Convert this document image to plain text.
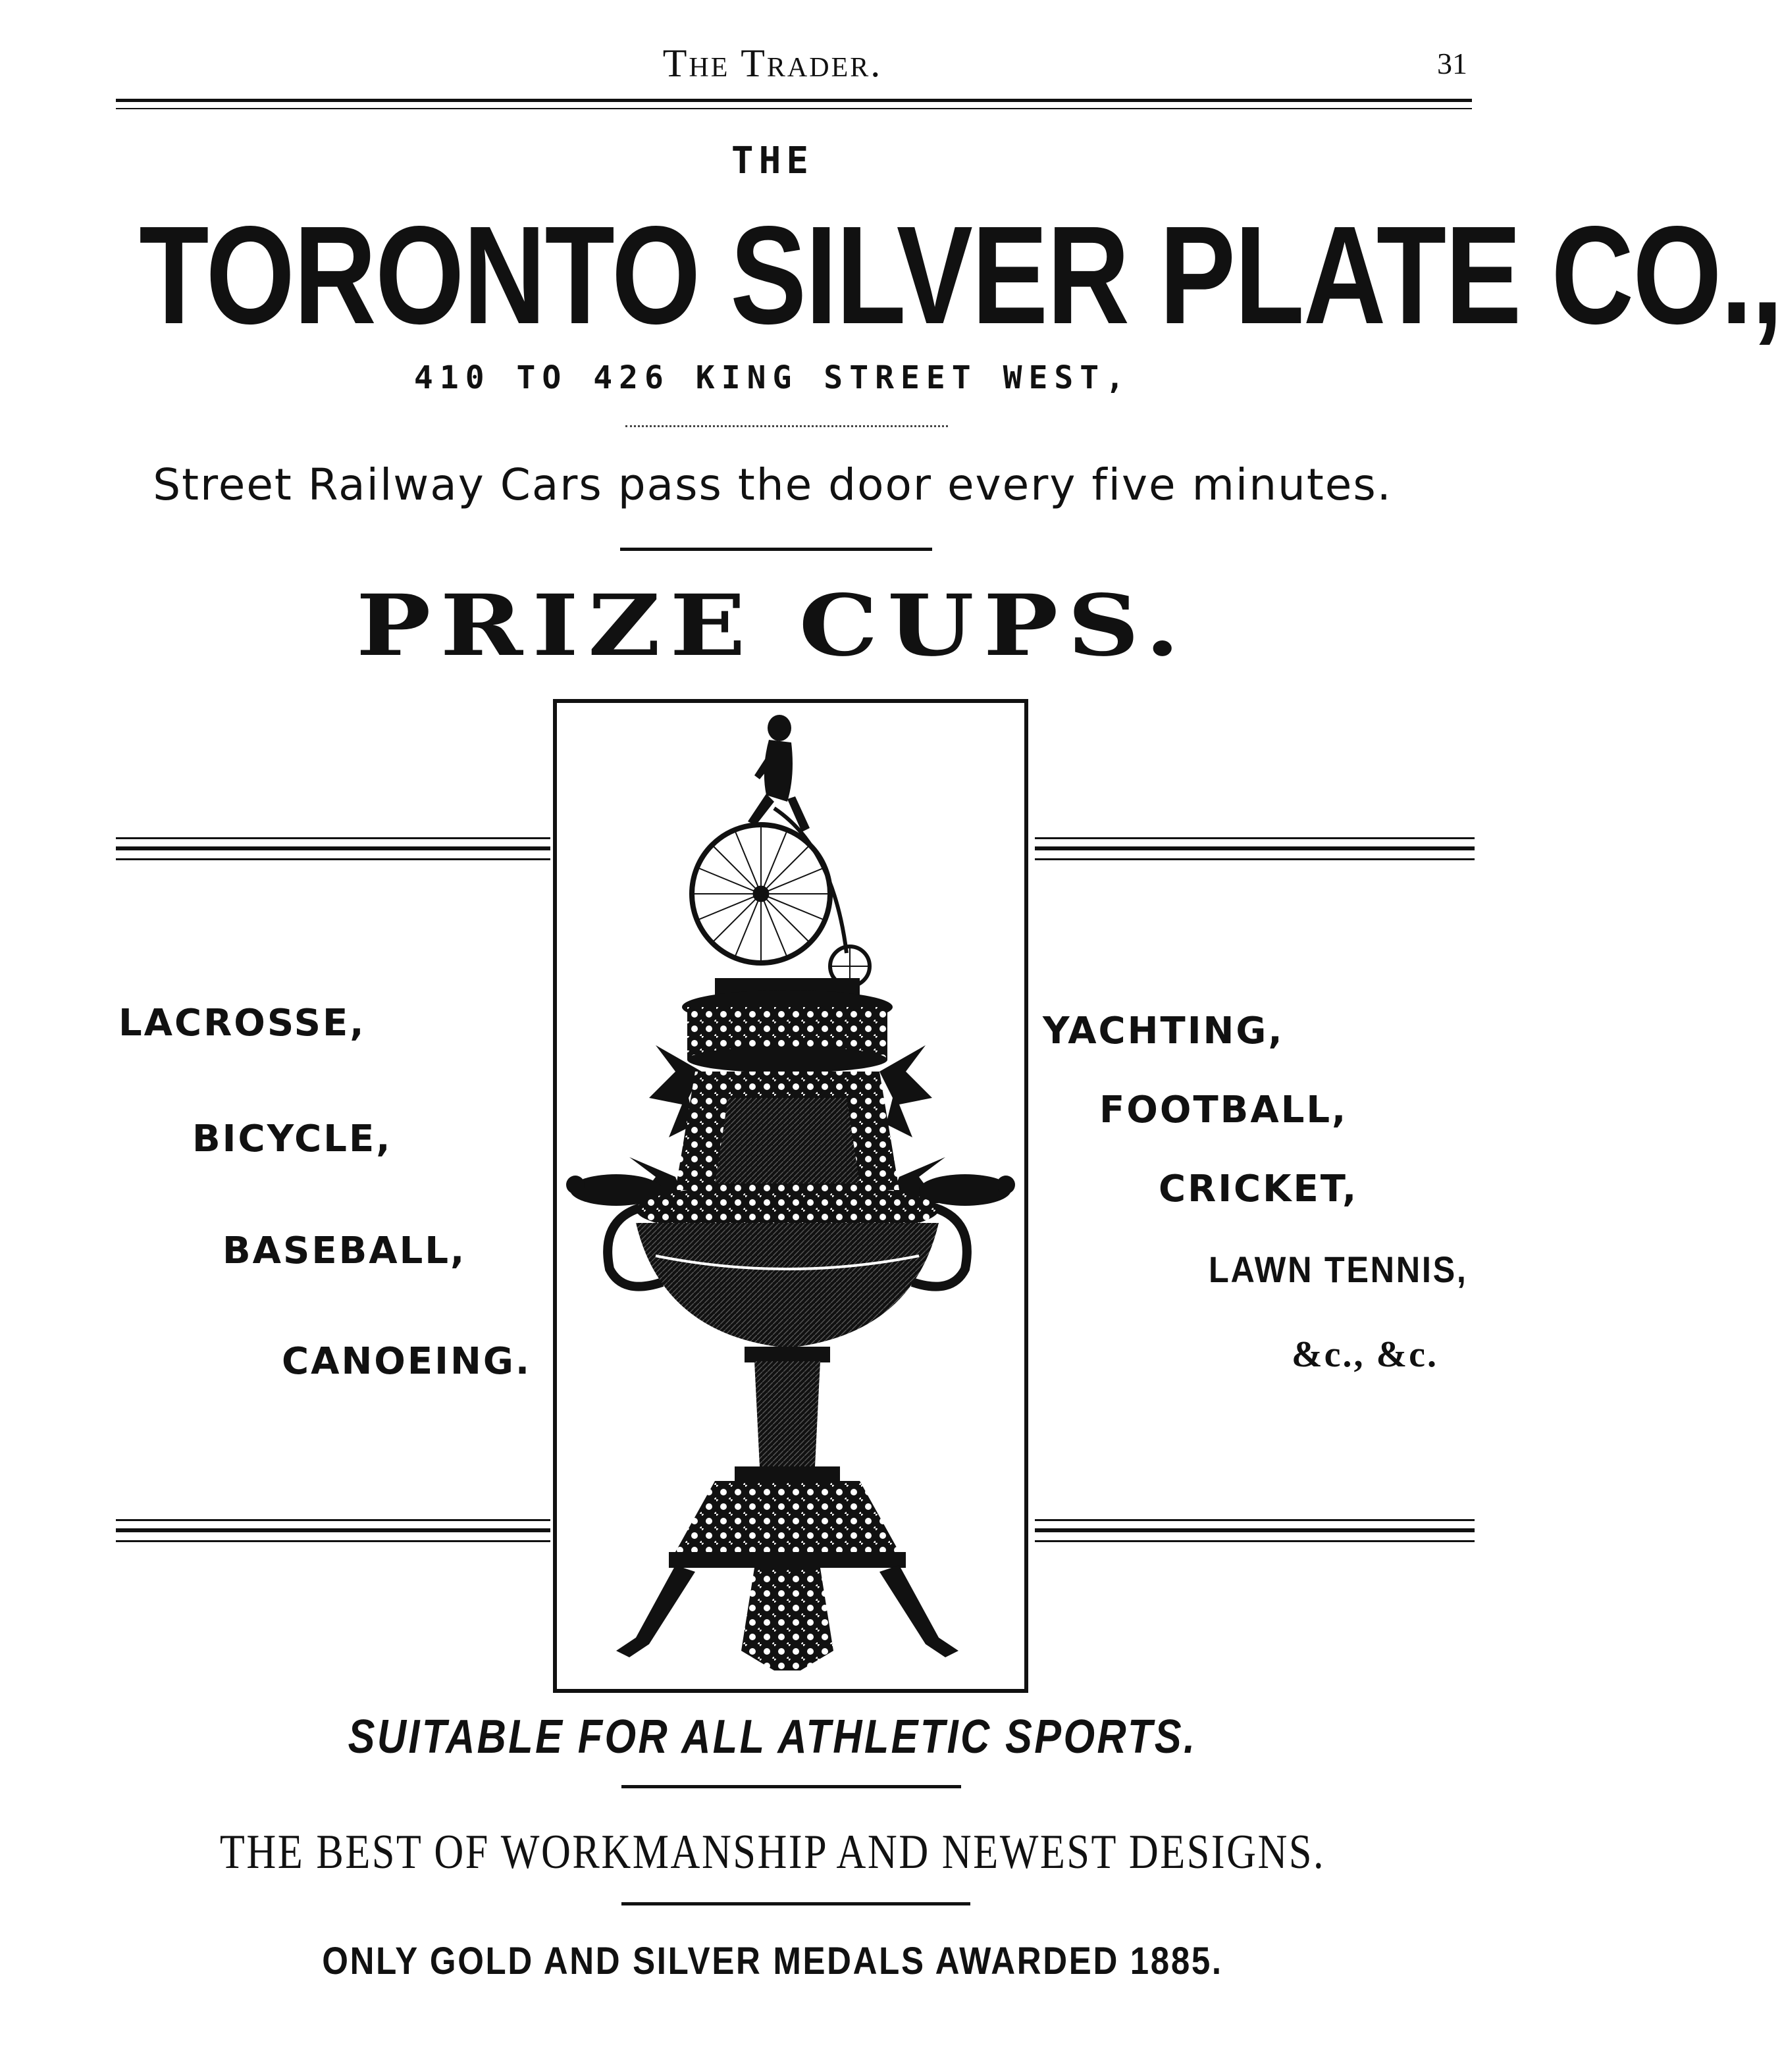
The Trader.	31
THE
TORONTO SILVER PLATE CO.,
410 TO 426 KING STREET WEST,
Street Railway Cars pass the door every five minutes.
PRIZE CUPS.
LACROSSE,
BICYCLE,
BASEBALL,
CANOEING.
YACHTING,
FOOTBALL,
CRICKET,
LAWN TENNIS,
&c., &c.
SUITABLE FOR ALL ATHLETIC SPORTS.
THE BEST OF WORKMANSHIP AND NEWEST DESIGNS.
ONLY GOLD AND SILVER MEDALS AWARDED 1885.
